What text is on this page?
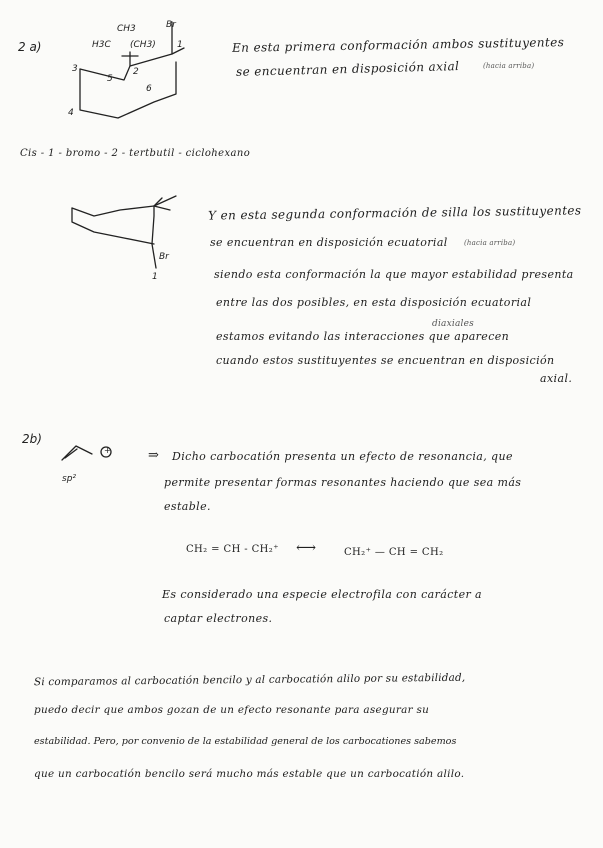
2 a)
CH3
H3C (CH3)
Br
1
2
3
4
5
6
En esta primera conformación ambos sustituyentes
se encuentran en disposición axial	(hacia arriba)
Cis - 1 - bromo - 2 - tertbutil - ciclohexano
Br
1
Y en esta segunda conformación de silla los sustituyentes
se encuentran en disposición ecuatorial (hacia arriba)
siendo esta conformación la que mayor estabilidad presenta
entre las dos posibles, en esta disposición ecuatorial
diaxiales
estamos evitando las interacciones que aparecen
cuando estos sustituyentes se encuentran en disposición
axial.
2b)
+
sp²
⇒ Dicho carbocatión presenta un efecto de resonancia, que
permite presentar formas resonantes haciendo que sea más
estable.
CH₂ = CH - CH₂⁺ ⟷	CH₂⁺ — CH = CH₂
Es considerado una especie electrofila con carácter a
captar electrones.
Si comparamos al carbocatión bencilo y al carbocatión alilo por su estabilidad,
puedo decir que ambos gozan de un efecto resonante para asegurar su
estabilidad. Pero, por convenio de la estabilidad general de los carbocationes sabemos
que un carbocatión bencilo será mucho más estable que un carbocatión alilo.
